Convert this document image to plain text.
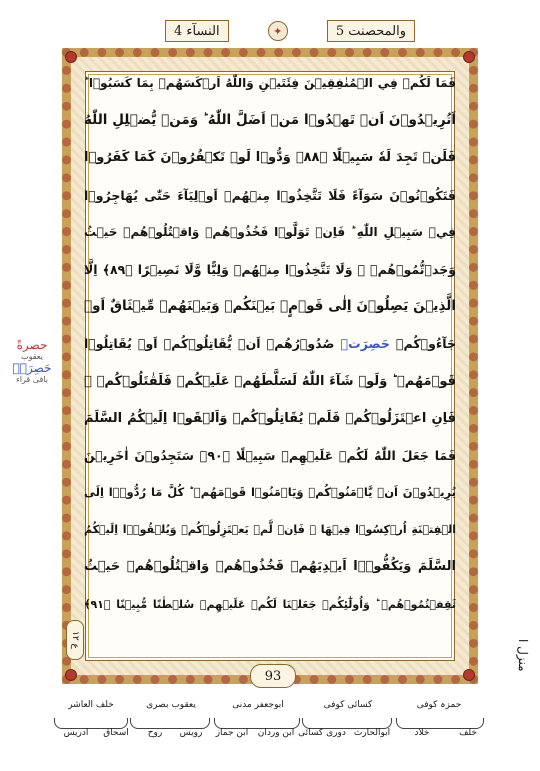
النسآء 4	✦	والمحصنت 5
فَمَا لَكُمۡ فِي الۡمُنٰفِقِيۡنَ فِئَتَيۡنِ وَاللّٰهُ اَرۡكَسَهُمۡ بِمَا كَسَبُوۡا ؕ
اَتُرِيۡدُوۡنَ اَنۡ تَهۡدُوۡا مَنۡ اَضَلَّ اللّٰهُ ؕ وَمَنۡ يُّضۡلِلِ اللّٰهُ
فَلَنۡ تَجِدَ لَهٗ سَبِيۡلًا ﴿۸۸﴾ وَدُّوۡا لَوۡ تَكۡفُرُوۡنَ كَمَا كَفَرُوۡا
فَتَكُوۡنُوۡنَ سَوَآءً فَلَا تَتَّخِذُوۡا مِنۡهُمۡ اَوۡلِيَآءَ حَتّٰى يُهَاجِرُوۡا
فِيۡ سَبِيۡلِ اللّٰهِ ؕ فَاِنۡ تَوَلَّوۡا فَخُذُوۡهُمۡ وَاقۡتُلُوۡهُمۡ حَيۡثُ
وَجَدۡتُّمُوۡهُمۡ ۖ وَلَا تَتَّخِذُوۡا مِنۡهُمۡ وَلِيًّا وَّلَا نَصِيۡرًا ﴿۸۹﴾ اِلَّا
الَّذِيۡنَ يَصِلُوۡنَ اِلٰى قَوۡمٍۢ بَيۡنَكُمۡ وَبَيۡنَهُمۡ مِّيۡثَاقٌ اَوۡ
جَآءُوۡكُمۡ حَصِرَتۡ صُدُوۡرُهُمۡ اَنۡ يُّقَاتِلُوۡكُمۡ اَوۡ يُقَاتِلُوۡا
قَوۡمَهُمۡ ؕ وَلَوۡ شَآءَ اللّٰهُ لَسَلَّطَهُمۡ عَلَيۡكُمۡ فَلَقٰتَلُوۡكُمۡ ۚ
فَاِنِ اعۡتَزَلُوۡكُمۡ فَلَمۡ يُقَاتِلُوۡكُمۡ وَاَلۡقَوۡا اِلَيۡكُمُ السَّلَمَ
فَمَا جَعَلَ اللّٰهُ لَكُمۡ عَلَيۡهِمۡ سَبِيۡلًا ﴿۹۰﴾ سَتَجِدُوۡنَ اٰخَرِيۡنَ
يُرِيۡدُوۡنَ اَنۡ يَّاۡمَنُوۡكُمۡ وَيَاۡمَنُوۡا قَوۡمَهُمۡ ؕ كُلَّ مَا رُدُّوۡۤا اِلَى
الۡفِتۡنَةِ اُرۡكِسُوۡا فِيۡهَا ۚ فَاِنۡ لَّمۡ يَعۡتَزِلُوۡكُمۡ وَيُلۡقُوۡۤا اِلَيۡكُمُ
السَّلَمَ وَيَكُفُّوۡۤا اَيۡدِيَهُمۡ فَخُذُوۡهُمۡ وَاقۡتُلُوۡهُمۡ حَيۡثُ
ثَقِفۡتُمُوۡهُمۡ ؕ وَاُولٰٓئِكُمۡ جَعَلۡنَا لَكُمۡ عَلَيۡهِمۡ سُلۡطٰنًا مُّبِيۡنًا ﴿۹۱﴾
حصرةً
يعقوب
حَصِرَتۡ
باقی قراء
ع ١٢	منزل ا
93
حمزہ کوفی
کسائی کوفی
ابوجعفر مدنی
یعقوب بصری
خلف العاشر
خلف
خلاد
ابوالحارث
دوری کسائی
ابن وردان
ابن جماز
رویس
روح
اسحاق
ادریس
